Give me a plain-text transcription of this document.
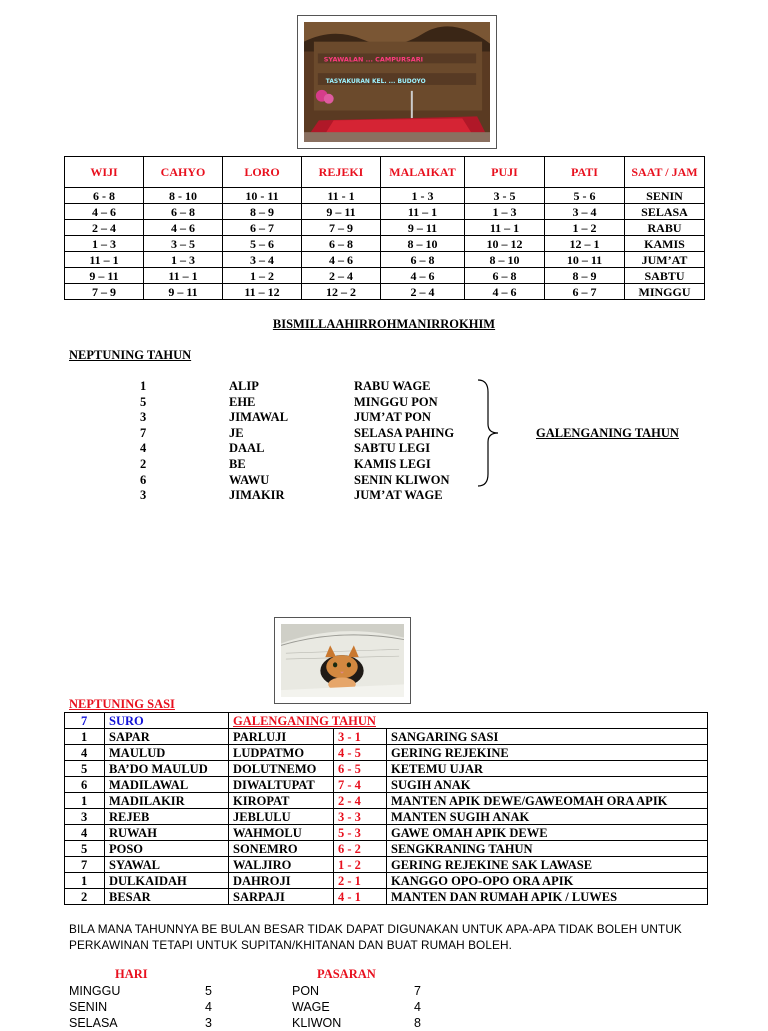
SYAWALAN ... CAMPURSARI
TASYAKURAN KEL. ... BUDOYO
WIJI	CAHYO	LORO	REJEKI	MALAIKAT	PUJI	PATI	SAAT / JAM
6 - 8	8 - 10	10 - 11	11 - 1	1 - 3	3 - 5	5 - 6	SENIN
4 – 6	6 – 8	8 – 9	9 – 11	11 – 1	1 – 3	3 – 4	SELASA
2 – 4	4 – 6	6 – 7	7 – 9	9 – 11	11 – 1	1 – 2	RABU
1 – 3	3 – 5	5 – 6	6 – 8	8 – 10	10 – 12	12 – 1	KAMIS
11 – 1	1 – 3	3 – 4	4 – 6	6 – 8	8 – 10	10 – 11	JUM’AT
9 – 11	11 – 1	1 – 2	2 – 4	4 – 6	6 – 8	8 – 9	SABTU
7 – 9	9 – 11	11 – 12	12 – 2	2 – 4	4 – 6	6 – 7	MINGGU
BISMILLAAHIRROHMANIRROKHIM
NEPTUNING TAHUN
1	ALIP	RABU WAGE
5	EHE	MINGGU PON
3	JIMAWAL	JUM’AT PON
7	JE	SELASA PAHING
4	DAAL	SABTU LEGI
2	BE	KAMIS LEGI
6	WAWU	SENIN KLIWON
3	JIMAKIR	JUM’AT WAGE
GALENGANING TAHUN
NEPTUNING SASI
7	SURO	GALENGANING TAHUN		
1	SAPAR	PARLUJI	3 - 1	SANGARING SASI
4	MAULUD	LUDPATMO	4 - 5	GERING REJEKINE
5	BA’DO MAULUD	DOLUTNEMO	6 - 5	KETEMU UJAR
6	MADILAWAL	DIWALTUPAT	7 - 4	SUGIH ANAK
1	MADILAKIR	KIROPAT	2 - 4	MANTEN APIK DEWE/GAWEOMAH ORA APIK
3	REJEB	JEBLULU	3 - 3	MANTEN SUGIH ANAK
4	RUWAH	WAHMOLU	5 - 3	GAWE OMAH APIK DEWE
5	POSO	SONEMRO	6 - 2	SENGKRANING TAHUN
7	SYAWAL	WALJIRO	1 - 2	GERING REJEKINE SAK LAWASE
1	DULKAIDAH	DAHROJI	2 - 1	KANGGO OPO-OPO ORA APIK
2	BESAR	SARPAJI	4 - 1	MANTEN DAN RUMAH APIK / LUWES
BILA MANA TAHUNNYA BE BULAN BESAR TIDAK DAPAT DIGUNAKAN UNTUK APA-APA TIDAK BOLEH UNTUK PERKAWINAN TETAPI UNTUK SUPITAN/KHITANAN DAN BUAT RUMAH BOLEH.
HARI	PASARAN
MINGGU	5	PON	7
SENIN	4	WAGE	4
SELASA	3	KLIWON	8
